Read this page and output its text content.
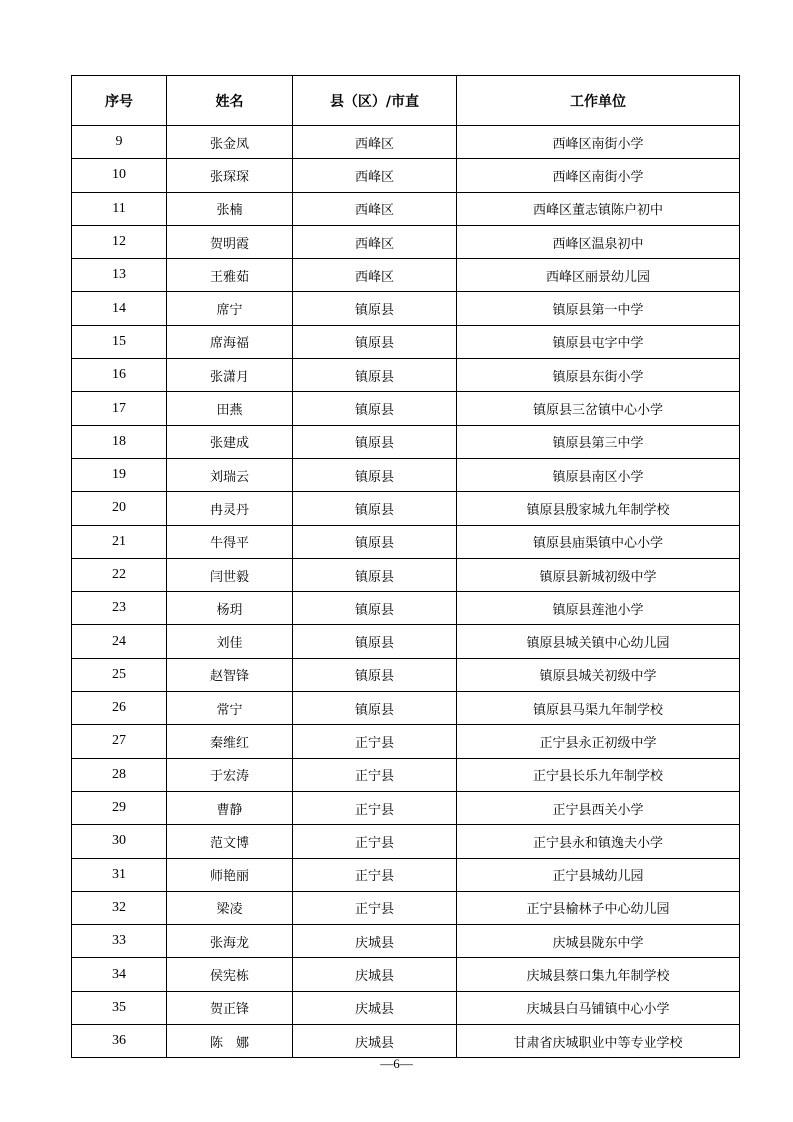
序号	姓名	县（区）/市直	工作单位
9	张金凤	西峰区	西峰区南街小学
10	张琛琛	西峰区	西峰区南街小学
11	张楠	西峰区	西峰区董志镇陈户初中
12	贺明霞	西峰区	西峰区温泉初中
13	王雅茹	西峰区	西峰区丽景幼儿园
14	席宁	镇原县	镇原县第一中学
15	席海福	镇原县	镇原县屯字中学
16	张潇月	镇原县	镇原县东街小学
17	田燕	镇原县	镇原县三岔镇中心小学
18	张建成	镇原县	镇原县第三中学
19	刘瑞云	镇原县	镇原县南区小学
20	冉灵丹	镇原县	镇原县殷家城九年制学校
21	牛得平	镇原县	镇原县庙渠镇中心小学
22	闫世毅	镇原县	镇原县新城初级中学
23	杨玥	镇原县	镇原县莲池小学
24	刘佳	镇原县	镇原县城关镇中心幼儿园
25	赵智锋	镇原县	镇原县城关初级中学
26	常宁	镇原县	镇原县马渠九年制学校
27	秦维红	正宁县	正宁县永正初级中学
28	于宏涛	正宁县	正宁县长乐九年制学校
29	曹静	正宁县	正宁县西关小学
30	范文博	正宁县	正宁县永和镇逸夫小学
31	师艳丽	正宁县	正宁县城幼儿园
32	梁凌	正宁县	正宁县榆林子中心幼儿园
33	张海龙	庆城县	庆城县陇东中学
34	侯宪栋	庆城县	庆城县蔡口集九年制学校
35	贺正锋	庆城县	庆城县白马铺镇中心小学
36	陈　娜	庆城县	甘肃省庆城职业中等专业学校
—6—
